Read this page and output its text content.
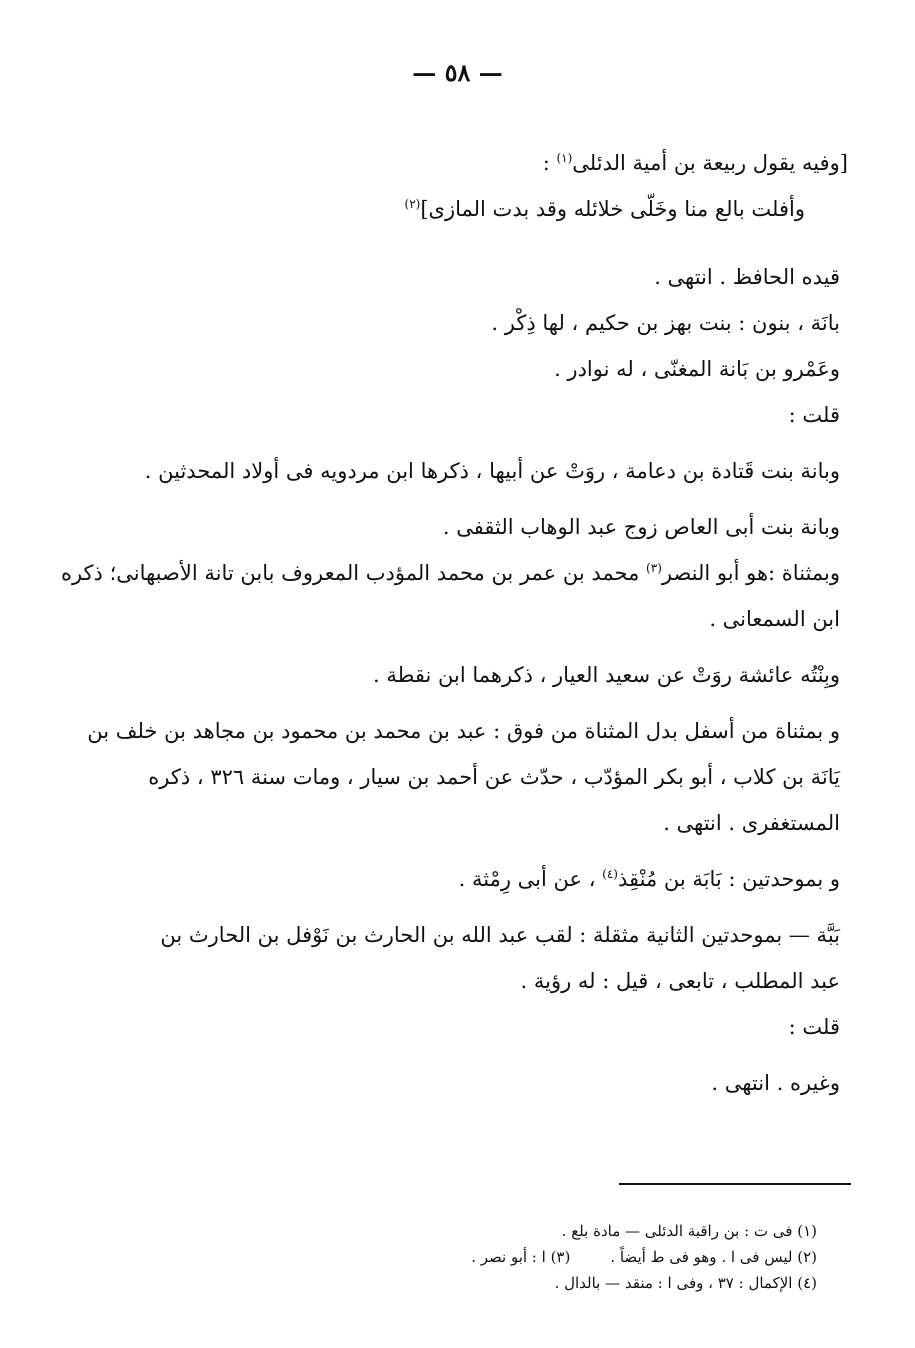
— ٥٨ —

[وفيه يقول ربيعة بن أمية الدئلى$^{(١)}$ :

وأفلت بالع منا وخَلّى خلائله وقد بدت المازى]$^{(٢)}$

قيده الحافظ . انتهى .

بانَة ، بنون : بنت بهز بن حكيم ، لها ذِكْر .

وعَمْرو بن بَانة المغنّى ، له نوادر .

قلت :

وبانة بنت قَتادة بن دعامة ، روَتْ عن أبيها ، ذكرها ابن مردويه فى أولاد المحدثين .

وبانة بنت أبى العاص زوج عبد الوهاب الثقفى .

وبمثناة :هو أبو النصر$^{(٣)}$ محمد بن عمر بن محمد المؤدب المعروف بابن تانة الأصبهانى؛ ذكره

ابن السمعانى .

وبِنْتُه عائشة روَتْ عن سعيد العيار ، ذكرهما ابن نقطة .

و بمثناة من أسفل بدل المثناة من فوق : عبد بن محمد بن محمود بن مجاهد بن خلف بن

يَانَة بن كلاب ، أبو بكر المؤدّب ، حدّث عن أحمد بن سيار ، ومات سنة ٣٢٦ ، ذكره

المستغفرى . انتهى .

و بموحدتين : بَابَة بن مُنْقِذ$^{(٤)}$ ، عن أبى رِمْثة .

بَبَّة — بموحدتين الثانية مثقلة : لقب عبد الله بن الحارث بن نَوْفل بن الحارث بن

عبد المطلب ، تابعى ، قيل : له رؤية .

قلت :

وغيره . انتهى .

(١) فى ت : بن راقبة الدئلى — مادة بلع .

(٢) ليس فى ا . وهو فى ط أيضاً .(٣) ا : أبو نصر .

(٤) الإكمال : ٣٧ ، وفى ا : منقد — بالدال .
